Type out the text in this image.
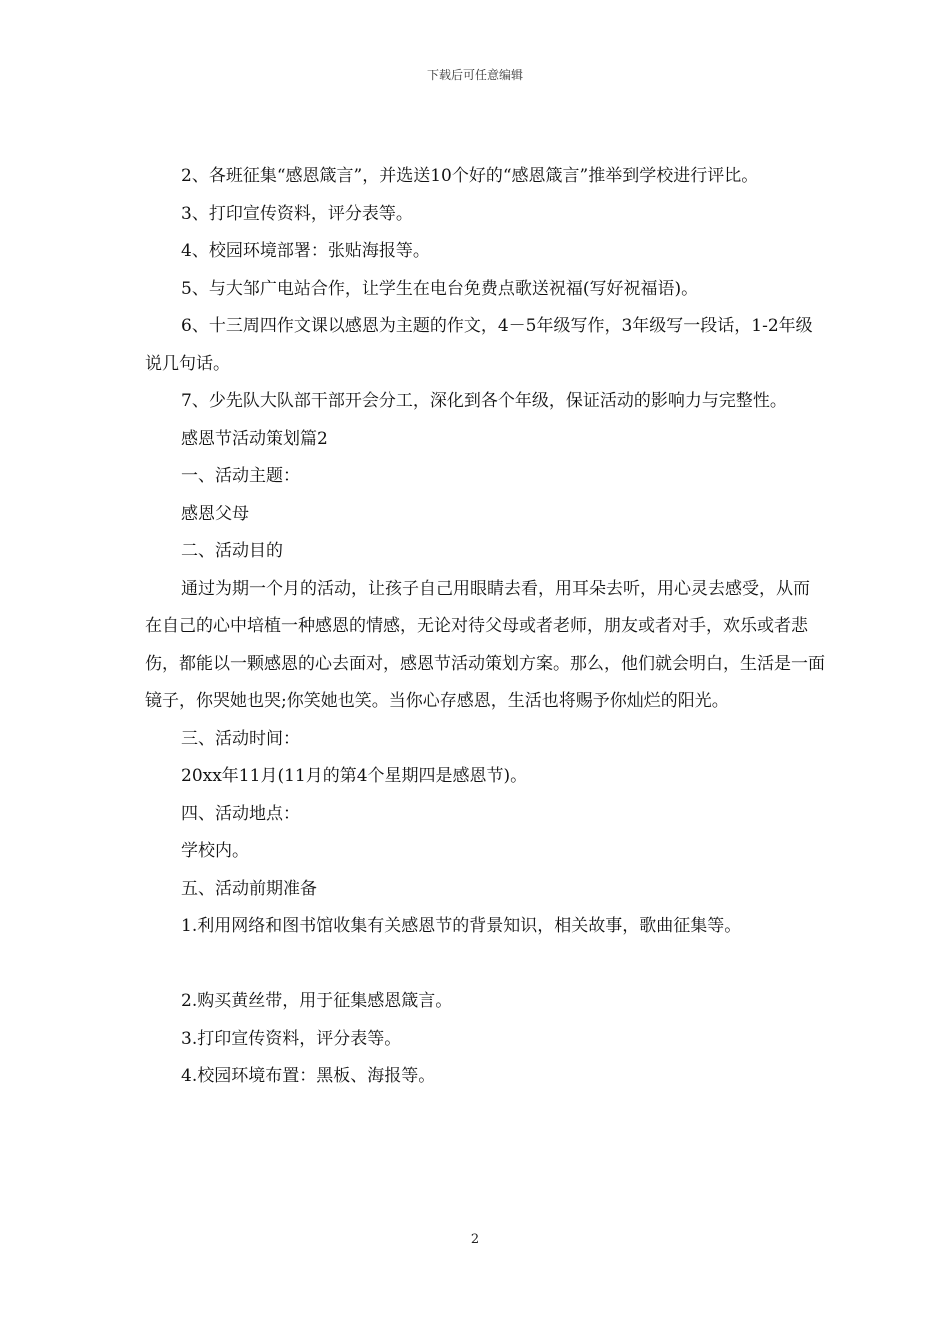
下载后可任意编辑

2、各班征集“感恩箴言”，并选送10个好的“感恩箴言”推举到学校进行评比。

3、打印宣传资料，评分表等。

4、校园环境部署：张贴海报等。

5、与大邹广电站合作，让学生在电台免费点歌送祝福(写好祝福语)。

6、十三周四作文课以感恩为主题的作文，4－5年级写作，3年级写一段话，1-2年级说几句话。

7、少先队大队部干部开会分工，深化到各个年级，保证活动的影响力与完整性。

感恩节活动策划篇2

一、活动主题：

感恩父母

二、活动目的

通过为期一个月的活动，让孩子自己用眼睛去看，用耳朵去听，用心灵去感受，从而在自己的心中培植一种感恩的情感，无论对待父母或者老师，朋友或者对手，欢乐或者悲伤，都能以一颗感恩的心去面对，感恩节活动策划方案。那么，他们就会明白，生活是一面镜子，你哭她也哭;你笑她也笑。当你心存感恩，生活也将赐予你灿烂的阳光。

三、活动时间：

20xx年11月(11月的第4个星期四是感恩节)。

四、活动地点：

学校内。

五、活动前期准备

1.利用网络和图书馆收集有关感恩节的背景知识，相关故事，歌曲征集等。

2.购买黄丝带，用于征集感恩箴言。

3.打印宣传资料，评分表等。

4.校园环境布置：黑板、海报等。

2
